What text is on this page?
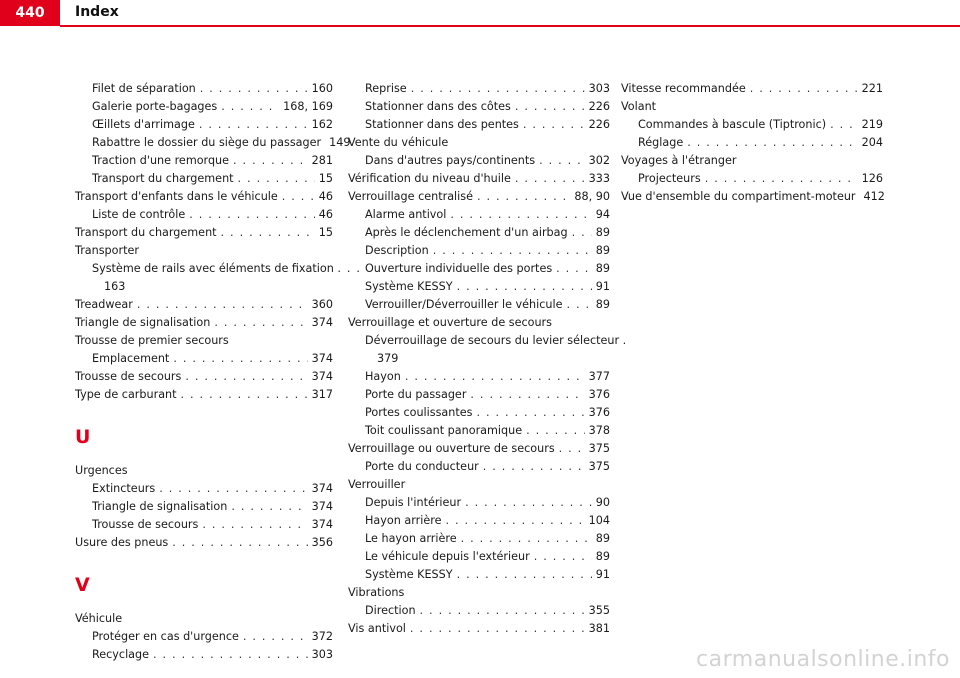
440	Index
Filet de séparation . . .	160
Galerie porte-bagages . . .	168, 169
Œillets d'arrimage . . .	162
Rabattre le dossier du siège du passager 149
Traction d'une remorque . . .	281
Transport du chargement . . .	15
Transport d'enfants dans le véhicule . . .	46
Liste de contrôle . . .	46
Transport du chargement . . .	15
Transporter
Système de rails avec éléments de fixation . . .
163
Treadwear . . .	360
Triangle de signalisation . . .	374
Trousse de premier secours
Emplacement . . .	374
Trousse de secours . . .	374
Type de carburant . . .	317
U
Urgences
Extincteurs . . .	374
Triangle de signalisation . . .	374
Trousse de secours . . .	374
Usure des pneus . . .	356
V
Véhicule
Protéger en cas d'urgence . . .	372
Recyclage . . .	303
Reprise . . .	303
Stationner dans des côtes . . .	226
Stationner dans des pentes . . .	226
Vente du véhicule
Dans d'autres pays/continents . . .	302
Vérification du niveau d'huile . . .	333
Verrouillage centralisé . . .	88, 90
Alarme antivol . . .	94
Après le déclenchement d'un airbag . . .	89
Description . . .	89
Ouverture individuelle des portes . . .	89
Système KESSY . . .	91
Verrouiller/Déverrouiller le véhicule . . .	89
Verrouillage et ouverture de secours
Déverrouillage de secours du levier sélecteur .
379
Hayon . . .	377
Porte du passager . . .	376
Portes coulissantes . . .	376
Toit coulissant panoramique . . .	378
Verrouillage ou ouverture de secours . . .	375
Porte du conducteur . . .	375
Verrouiller
Depuis l'intérieur . . .	90
Hayon arrière . . .	104
Le hayon arrière . . .	89
Le véhicule depuis l'extérieur . . .	89
Système KESSY . . .	91
Vibrations
Direction . . .	355
Vis antivol . . .	381
Vitesse recommandée . . .	221
Volant
Commandes à bascule (Tiptronic) . . .	219
Réglage . . .	204
Voyages à l'étranger
Projecteurs . . .	126
Vue d'ensemble du compartiment-moteur 412
carmanualsonline.info
